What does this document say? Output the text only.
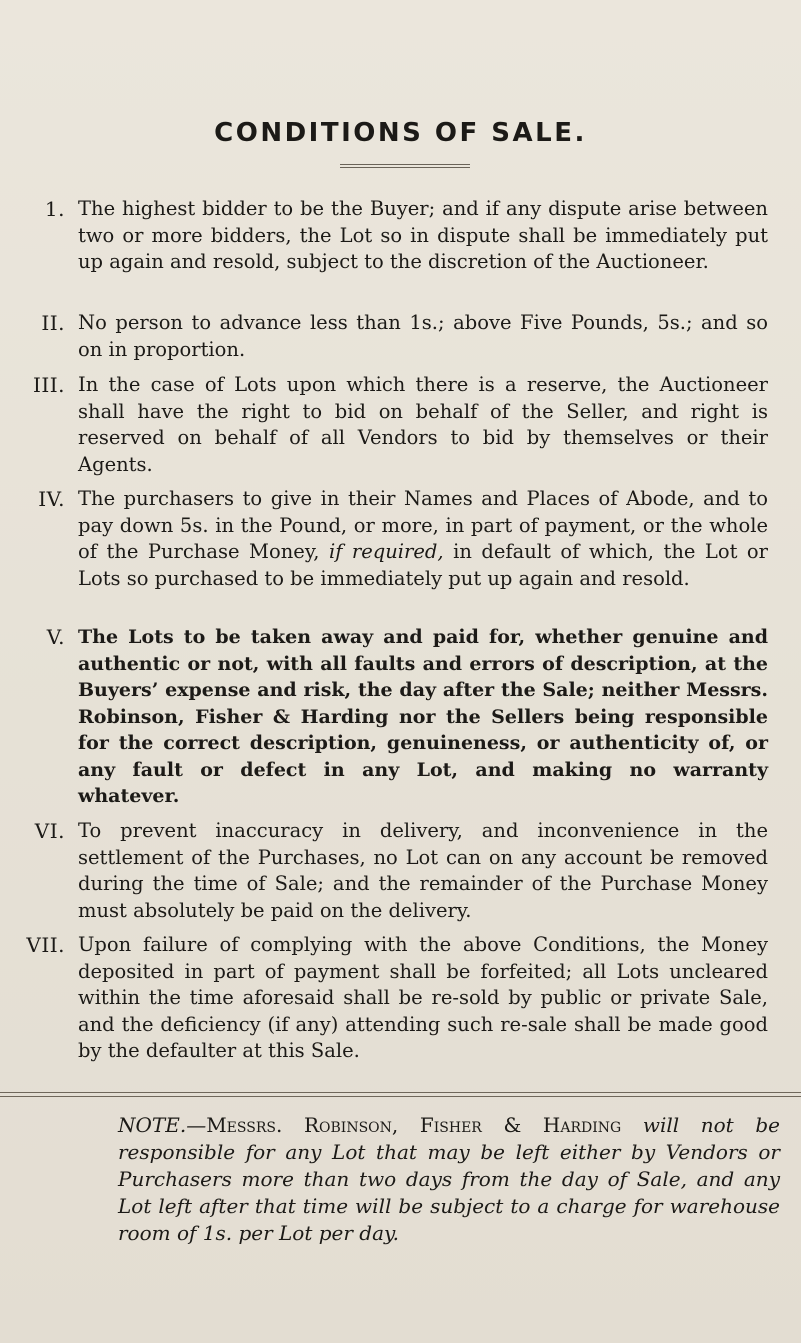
CONDITIONS OF SALE.
1. The highest bidder to be the Buyer; and if any dispute arise between two or more bidders, the Lot so in dispute shall be immediately put up again and resold, subject to the discretion of the Auctioneer.
II. No person to advance less than 1s.; above Five Pounds, 5s.; and so on in proportion.
III. In the case of Lots upon which there is a reserve, the Auctioneer shall have the right to bid on behalf of the Seller, and right is reserved on behalf of all Vendors to bid by themselves or their Agents.
IV. The purchasers to give in their Names and Places of Abode, and to pay down 5s. in the Pound, or more, in part of payment, or the whole of the Purchase Money, if required, in default of which, the Lot or Lots so purchased to be immediately put up again and resold.
V. The Lots to be taken away and paid for, whether genuine and authentic or not, with all faults and errors of description, at the Buyers’ expense and risk, the day after the Sale; neither Messrs. Robinson, Fisher & Harding nor the Sellers being responsible for the correct description, genuineness, or authenticity of, or any fault or defect in any Lot, and making no warranty whatever.
VI. To prevent inaccuracy in delivery, and inconvenience in the settlement of the Purchases, no Lot can on any account be removed during the time of Sale; and the remainder of the Purchase Money must absolutely be paid on the delivery.
VII. Upon failure of complying with the above Conditions, the Money deposited in part of payment shall be forfeited; all Lots uncleared within the time aforesaid shall be re-sold by public or private Sale, and the deficiency (if any) attending such re-sale shall be made good by the defaulter at this Sale.
NOTE.—Messrs. Robinson, Fisher & Harding will not be responsible for any Lot that may be left either by Vendors or Purchasers more than two days from the day of Sale, and any Lot left after that time will be subject to a charge for warehouse room of 1s. per Lot per day.
